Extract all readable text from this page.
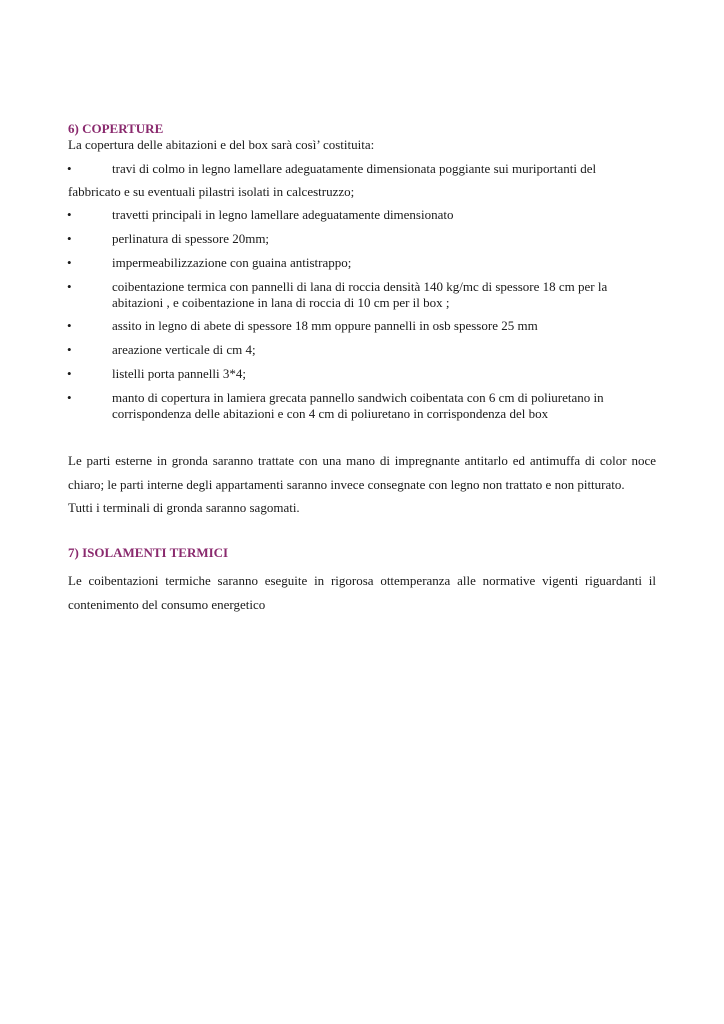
6) COPERTURE
La copertura delle abitazioni e del box sarà così’ costituita:
•	travi di colmo in legno lamellare adeguatamente dimensionata poggiante sui muriportanti del
fabbricato e su eventuali pilastri isolati in calcestruzzo;
•	travetti principali in legno lamellare adeguatamente dimensionato
•	perlinatura di spessore 20mm;
•	impermeabilizzazione con guaina antistrappo;
•	coibentazione termica con pannelli di lana di roccia densità 140 kg/mc di spessore 18 cm per la
abitazioni , e coibentazione in lana di roccia di 10 cm per il box ;
•	assito in legno di abete di spessore 18 mm oppure pannelli in osb spessore 25 mm
•	areazione verticale di cm 4;
•	listelli porta pannelli 3*4;
•	manto di copertura in lamiera grecata pannello sandwich coibentata con 6 cm di poliuretano in
corrispondenza delle abitazioni e con 4 cm di poliuretano in corrispondenza del box
Le parti esterne in gronda saranno trattate con una mano di impregnante antitarlo ed antimuffa di color noce
chiaro; le parti interne degli appartamenti saranno invece consegnate con legno non trattato e non pitturato.
Tutti i terminali di gronda saranno sagomati.
7) ISOLAMENTI TERMICI
Le coibentazioni termiche saranno eseguite in rigorosa ottemperanza alle normative vigenti riguardanti il
contenimento del consumo energetico
